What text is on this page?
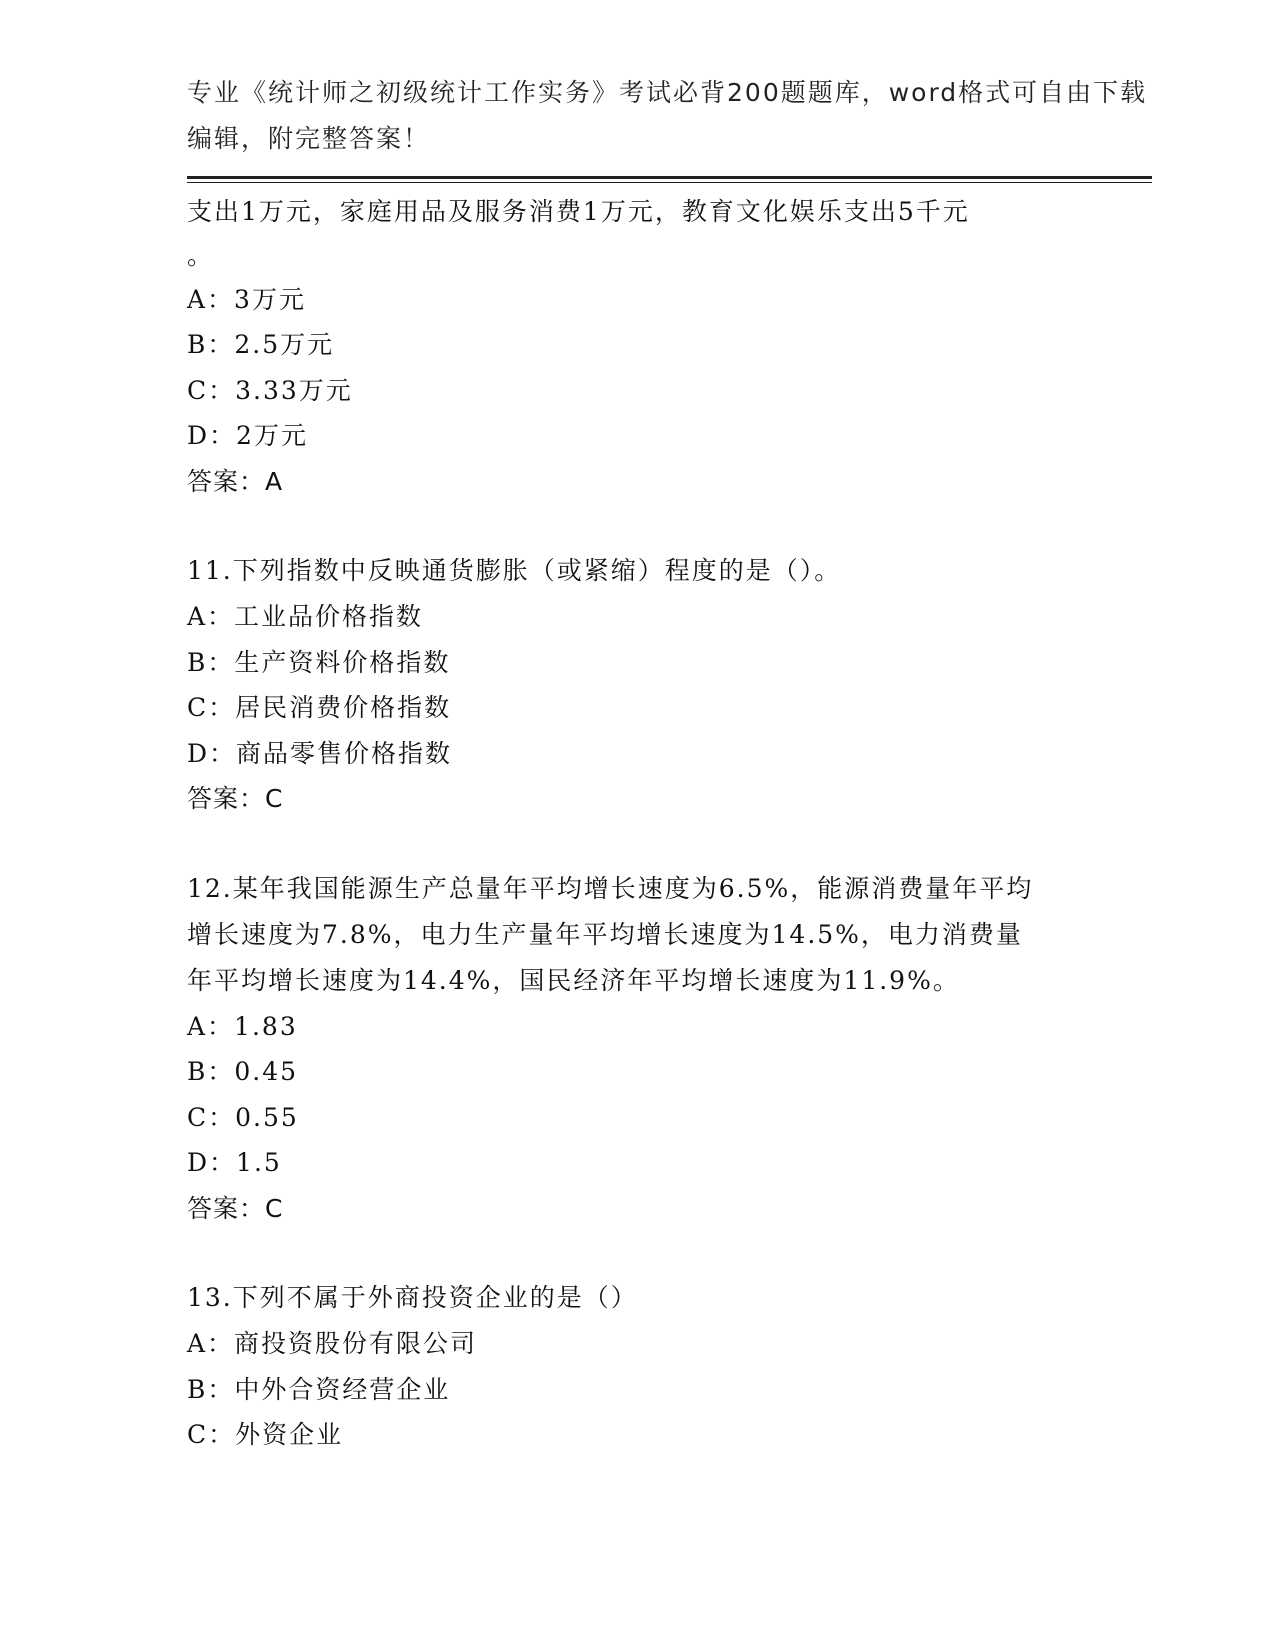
专业《统计师之初级统计工作实务》考试必背200题题库，word格式可自由下载
编辑，附完整答案！
支出1万元，家庭用品及服务消费1万元，教育文化娱乐支出5千元
。
A：3万元
B：2.5万元
C：3.33万元
D：2万元
答案：A
11.下列指数中反映通货膨胀（或紧缩）程度的是（）。
A：工业品价格指数
B：生产资料价格指数
C：居民消费价格指数
D：商品零售价格指数
答案：C
12.某年我国能源生产总量年平均增长速度为6.5%，能源消费量年平均
增长速度为7.8%，电力生产量年平均增长速度为14.5%，电力消费量
年平均增长速度为14.4%，国民经济年平均增长速度为11.9%。
A：1.83
B：0.45
C：0.55
D：1.5
答案：C
13.下列不属于外商投资企业的是（）
A：商投资股份有限公司
B：中外合资经营企业
C：外资企业
